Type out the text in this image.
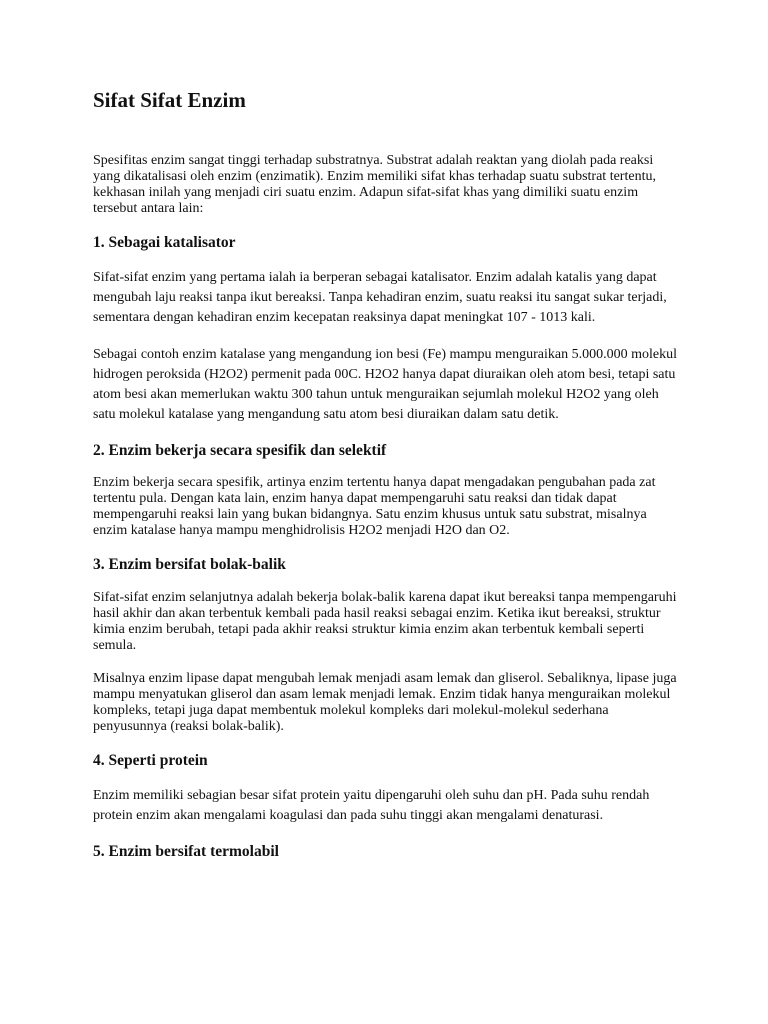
Sifat Sifat Enzim

Spesifitas enzim sangat tinggi terhadap substratnya. Substrat adalah reaktan yang diolah pada reaksi yang dikatalisasi oleh enzim (enzimatik). Enzim memiliki sifat khas terhadap suatu substrat tertentu, kekhasan inilah yang menjadi ciri suatu enzim. Adapun sifat-sifat khas yang dimiliki suatu enzim tersebut antara lain:

1. Sebagai katalisator

Sifat-sifat enzim yang pertama ialah ia berperan sebagai katalisator. Enzim adalah katalis yang dapat mengubah laju reaksi tanpa ikut bereaksi. Tanpa kehadiran enzim, suatu reaksi itu sangat sukar terjadi, sementara dengan kehadiran enzim kecepatan reaksinya dapat meningkat 107 - 1013 kali.

Sebagai contoh enzim katalase yang mengandung ion besi (Fe) mampu menguraikan 5.000.000 molekul hidrogen peroksida (H2O2) permenit pada 00C. H2O2 hanya dapat diuraikan oleh atom besi, tetapi satu atom besi akan memerlukan waktu 300 tahun untuk menguraikan sejumlah molekul H2O2 yang oleh satu molekul katalase yang mengandung satu atom besi diuraikan dalam satu detik.

2. Enzim bekerja secara spesifik dan selektif

Enzim bekerja secara spesifik, artinya enzim tertentu hanya dapat mengadakan pengubahan pada zat tertentu pula. Dengan kata lain, enzim hanya dapat mempengaruhi satu reaksi dan tidak dapat mempengaruhi reaksi lain yang bukan bidangnya. Satu enzim khusus untuk satu substrat, misalnya enzim katalase hanya mampu menghidrolisis H2O2 menjadi H2O dan O2.

3. Enzim bersifat bolak-balik

Sifat-sifat enzim selanjutnya adalah bekerja bolak-balik karena dapat ikut bereaksi tanpa mempengaruhi hasil akhir dan akan terbentuk kembali pada hasil reaksi sebagai enzim. Ketika ikut bereaksi, struktur kimia enzim berubah, tetapi pada akhir reaksi struktur kimia enzim akan terbentuk kembali seperti semula.

Misalnya enzim lipase dapat mengubah lemak menjadi asam lemak dan gliserol. Sebaliknya, lipase juga mampu menyatukan gliserol dan asam lemak menjadi lemak. Enzim tidak hanya menguraikan molekul kompleks, tetapi juga dapat membentuk molekul kompleks dari molekul-molekul sederhana penyusunnya (reaksi bolak-balik).

4. Seperti protein

Enzim memiliki sebagian besar sifat protein yaitu dipengaruhi oleh suhu dan pH. Pada suhu rendah protein enzim akan mengalami koagulasi dan pada suhu tinggi akan mengalami denaturasi.

5. Enzim bersifat termolabil
